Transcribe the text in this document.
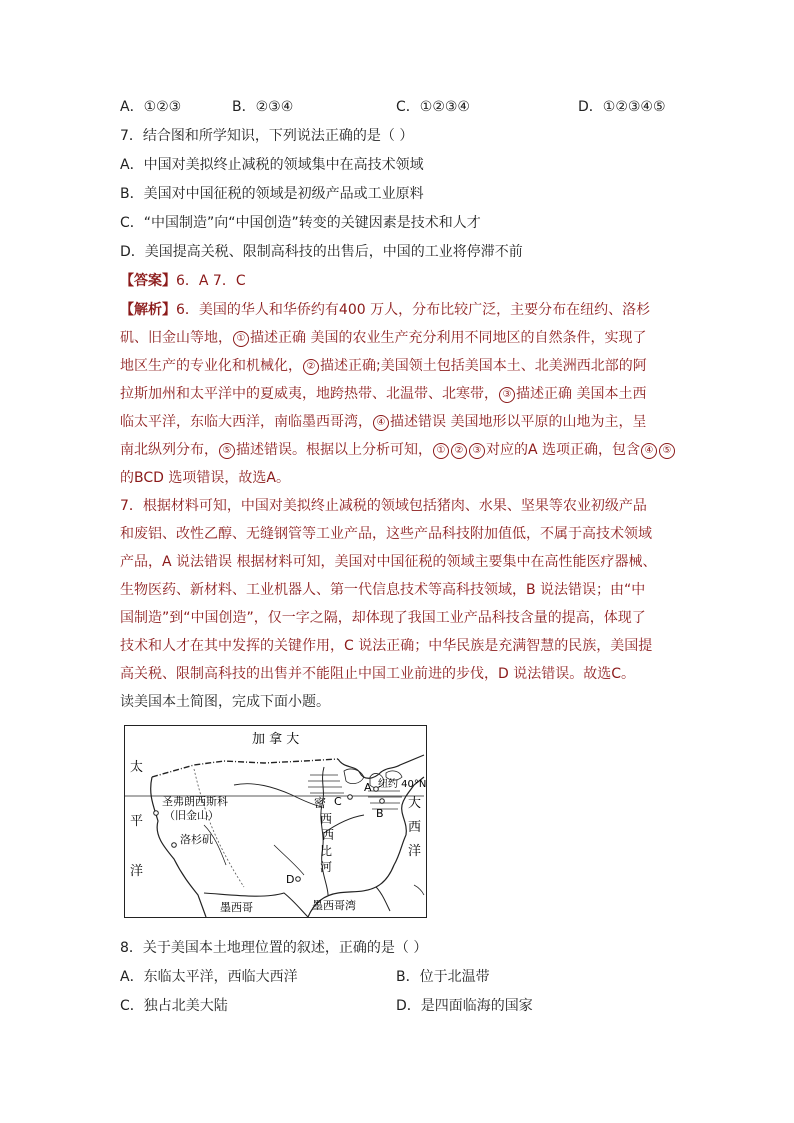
A．①②③	B．②③④	C．①②③④	D．①②③④⑤
7．结合图和所学知识，下列说法正确的是（ ）
A．中国对美拟终止减税的领域集中在高技术领域
B．美国对中国征税的领域是初级产品或工业原料
C．“中国制造”向“中国创造”转变的关键因素是技术和人才
D．美国提高关税、限制高科技的出售后，中国的工业将停滞不前
【答案】6．A 7．C
【解析】6．美国的华人和华侨约有400 万人，分布比较广泛，主要分布在纽约、洛杉
矶、旧金山等地， ① 描述正确 美国的农业生产充分利用不同地区的自然条件，实现了
地区生产的专业化和机械化， ② 描述正确;美国领土包括美国本土、北美洲西北部的阿
拉斯加州和太平洋中的夏威夷，地跨热带、北温带、北寒带， ③ 描述正确 美国本土西
临太平洋，东临大西洋，南临墨西哥湾， ④ 描述错误 美国地形以平原的山地为主，呈
南北纵列分布， ⑤ 描述错误。根据以上分析可知， ① ② ③ 对应的A 选项正确，包含 ④ ⑤
的BCD 选项错误，故选A。
7．根据材料可知，中国对美拟终止减税的领域包括猪肉、水果、坚果等农业初级产品
和废铝、改性乙醇、无缝钢管等工业产品，这些产品科技附加值低，不属于高技术领域
产品，A 说法错误 根据材料可知，美国对中国征税的领域主要集中在高性能医疗器械、
生物医药、新材料、工业机器人、第一代信息技术等高科技领域，B 说法错误；由“中
国制造”到“中国创造”，仅一字之隔，却体现了我国工业产品科技含量的提高，体现了
技术和人才在其中发挥的关键作用，C 说法正确；中华民族是充满智慧的民族，美国提
高关税、限制高科技的出售并不能阻止中国工业前进的步伐，D 说法错误。故选C。
读美国本土简图，完成下面小题。
加 拿 大
太
平
洋
大
西
洋
圣弗朗西斯科
（旧金山）
洛杉矶
纽约 40°N
密
西
西
比
河
墨西哥	墨西哥湾
A
B
C
D
8．关于美国本土地理位置的叙述，正确的是（ ）
A．东临太平洋，西临大西洋	B．位于北温带
C．独占北美大陆	D．是四面临海的国家
